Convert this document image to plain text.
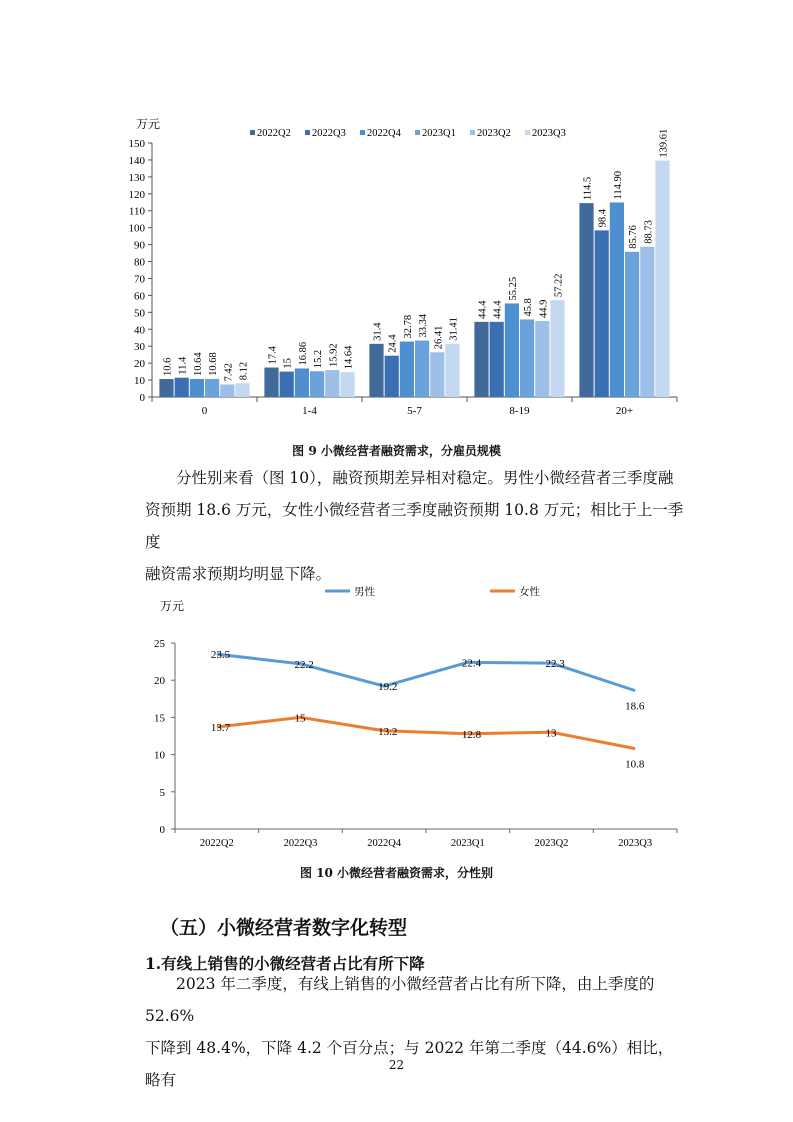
万元
0
10
20
30
40
50
60
70
80
90
100
110
120
130
140
150
0
10.6 11.4 10.64 10.68 7.42 8.12
1-4
17.4 15 16.86 15.2 15.92 14.64
5-7
31.4
24.4
32.78 33.34 26.41 31.41
8-19
44.4 44.4
55.25
45.8 44.9
57.22
20+
114.5
98.4
114.90
85.76 88.73
139.61
2022Q2 2022Q3 2022Q4 2023Q1 2023Q2 2023Q3
图 9 小微经营者融资需求，分雇员规模

分性别来看（图 10），融资预期差异相对稳定。男性小微经营者三季度融

资预期 18.6 万元，女性小微经营者三季度融资预期 10.8 万元；相比于上一季度

融资需求预期均明显下降。

万元
0
5
10
15
20
25
2022Q2	2022Q3	2022Q4	2023Q1	2023Q2	2023Q3
23.5
22.2
19.2
22.4	22.3
18.6
13.7
15
13.2	12.8	13
10.8
男性	女性
图 10 小微经营者融资需求，分性别
（五）小微经营者数字化转型
1.有线上销售的小微经营者占比有所下降

2023 年二季度，有线上销售的小微经营者占比有所下降，由上季度的 52.6%

下降到 48.4%，下降 4.2 个百分点；与 2022 年第二季度（44.6%）相比，略有

22
